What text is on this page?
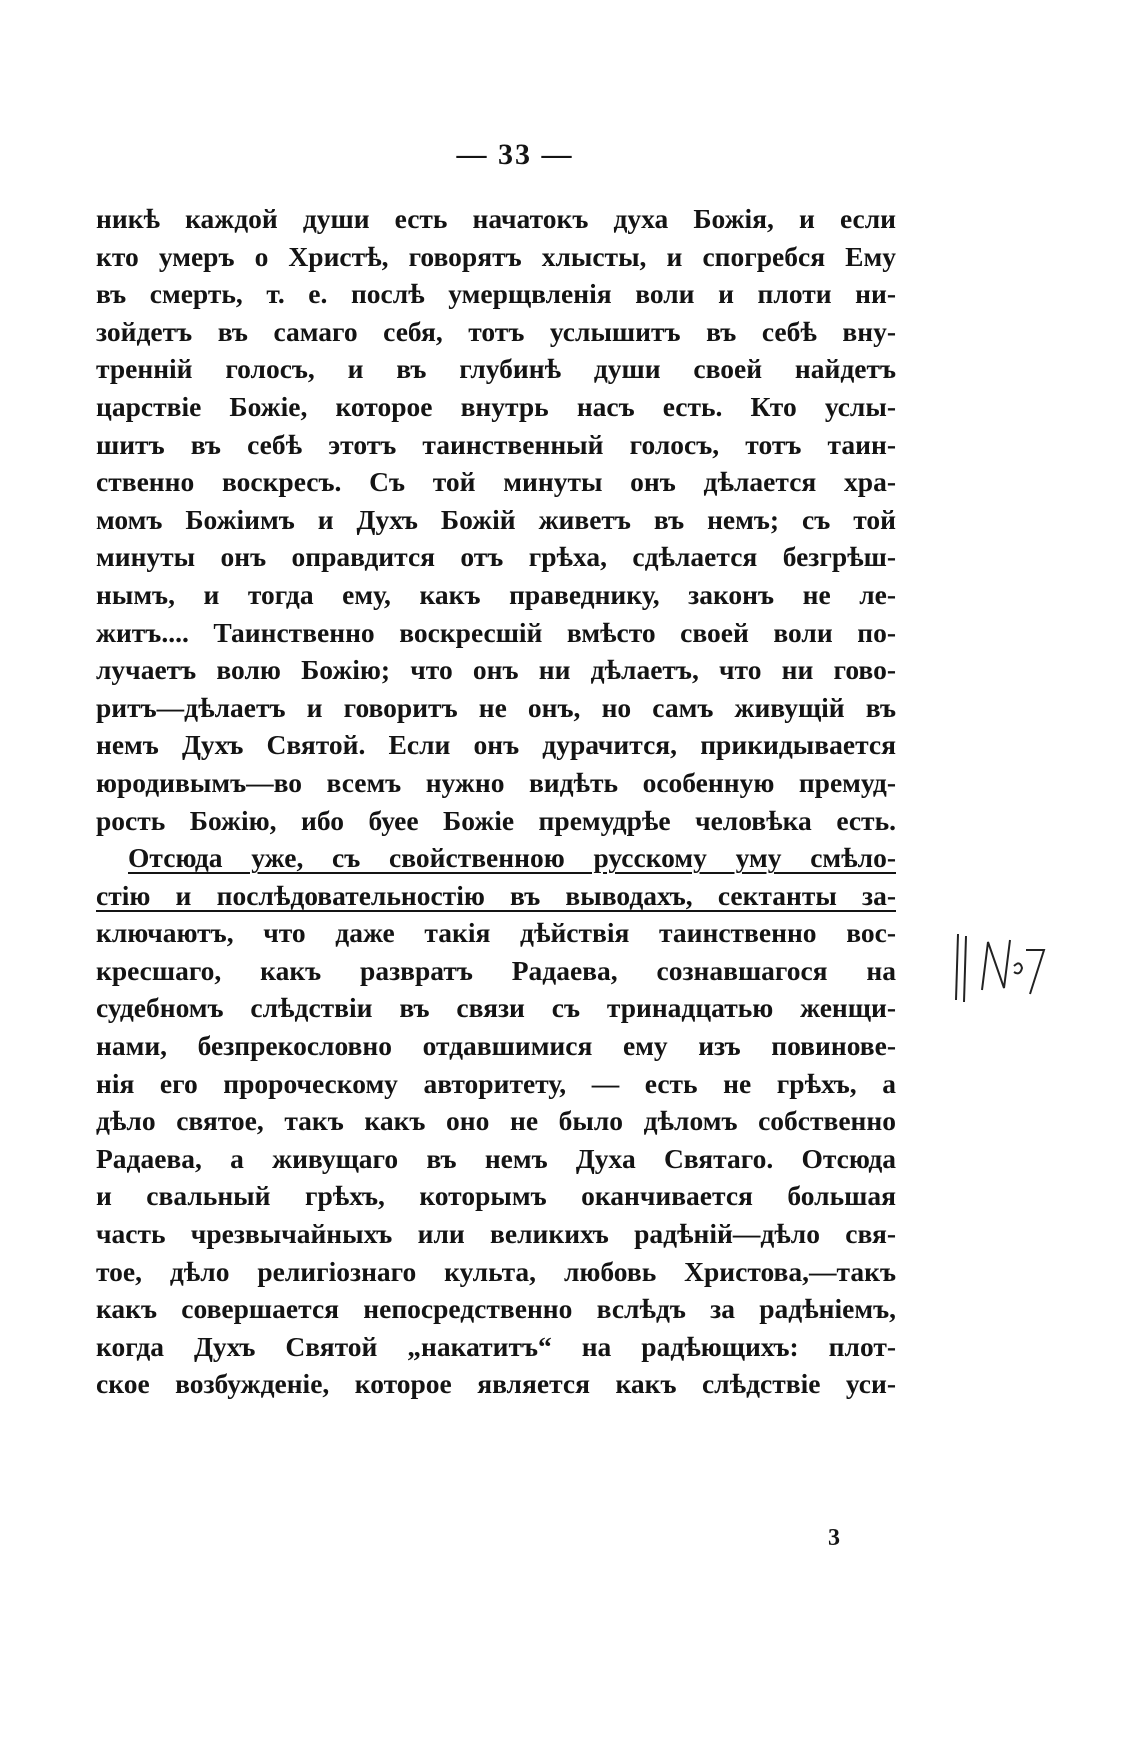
— 33 —
никѣ каждой души есть начатокъ духа Божія, и если
кто умеръ о Христѣ, говорятъ хлысты, и спогребся Ему
въ смерть, т. е. послѣ умерщвленія воли и плоти ни-
зойдетъ въ самаго себя, тотъ услышитъ въ себѣ вну-
тренній голосъ, и въ глубинѣ души своей найдетъ
царствіе Божіе, которое внутрь насъ есть. Кто услы-
шитъ въ себѣ этотъ таинственный голосъ, тотъ таин-
ственно воскресъ. Съ той минуты онъ дѣлается хра-
момъ Божіимъ и Духъ Божій живетъ въ немъ; съ той
минуты онъ оправдится отъ грѣха, сдѣлается безгрѣш-
нымъ, и тогда ему, какъ праведнику, законъ не ле-
житъ.... Таинственно воскресшій вмѣсто своей воли по-
лучаетъ волю Божію; что онъ ни дѣлаетъ, что ни гово-
ритъ—дѣлаетъ и говоритъ не онъ, но самъ живущій въ
немъ Духъ Святой. Если онъ дурачится, прикидывается
юродивымъ—во всемъ нужно видѣть особенную премуд-
рость Божію, ибо буее Божіе премудрѣе человѣка есть.
Отсюда уже, съ свойственною русскому уму смѣло-
стію и послѣдовательностію въ выводахъ, сектанты за-
ключаютъ, что даже такія дѣйствія таинственно вос-
кресшаго, какъ развратъ Радаева, сознавшагося на
судебномъ слѣдствіи въ связи съ тринадцатью женщи-
нами, безпрекословно отдавшимися ему изъ повинове-
нія его пророческому авторитету, — есть не грѣхъ, а
дѣло святое, такъ какъ оно не было дѣломъ собственно
Радаева, а живущаго въ немъ Духа Святаго. Отсюда
и свальный грѣхъ, которымъ оканчивается большая
часть чрезвычайныхъ или великихъ радѣній—дѣло свя-
тое, дѣло религіознаго культа, любовь Христова,—такъ
какъ совершается непосредственно вслѣдъ за радѣніемъ,
когда Духъ Святой „накатитъ“ на радѣющихъ: плот-
ское возбужденіе, которое является какъ слѣдствіе уси-
3
